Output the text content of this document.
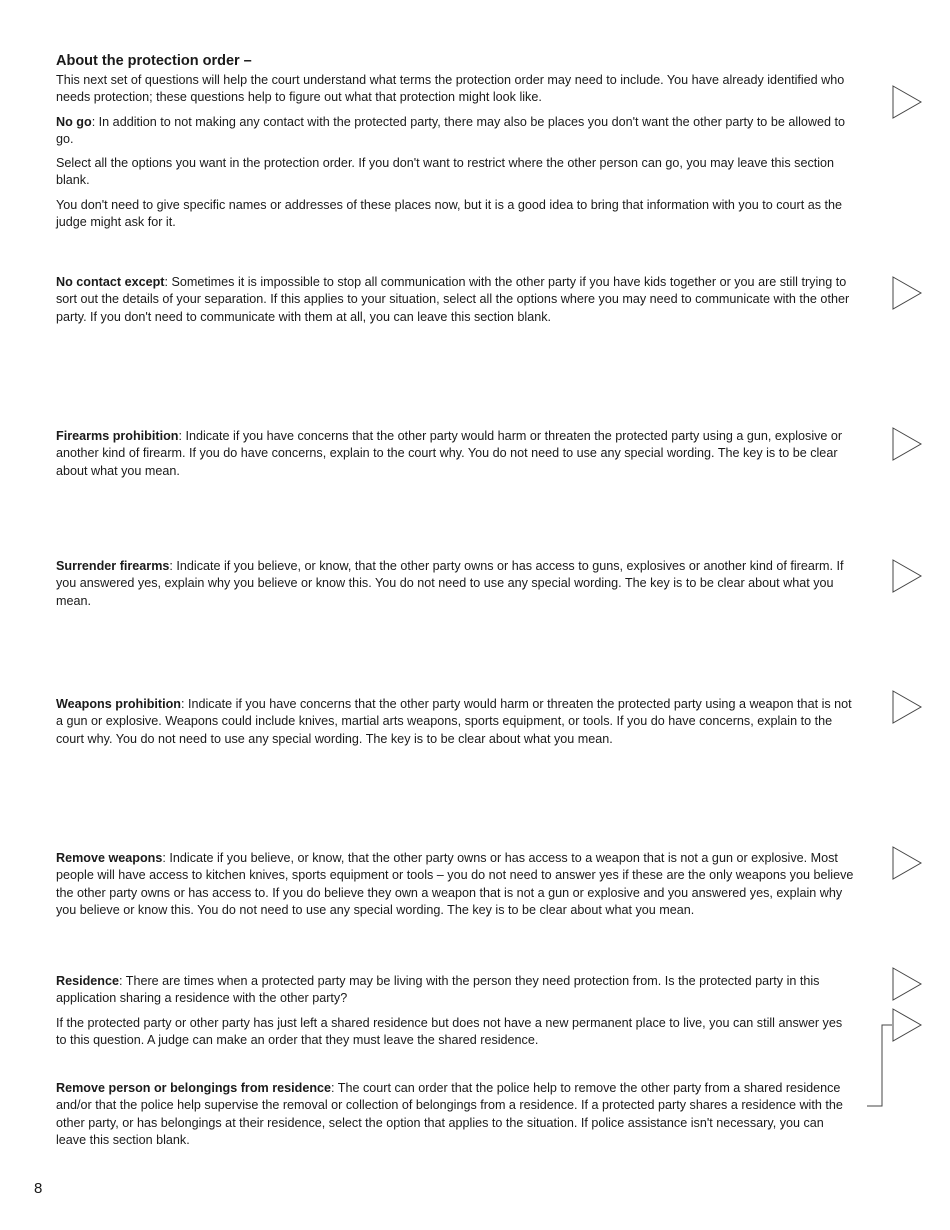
About the protection order –

This next set of questions will help the court understand what terms the protection order may need to include. You have already identified who needs protection; these questions help to figure out what that protection might look like.

No go: In addition to not making any contact with the protected party, there may also be places you don't want the other party to be allowed to go.

Select all the options you want in the protection order. If you don't want to restrict where the other person can go, you may leave this section blank.

You don't need to give specific names or addresses of these places now, but it is a good idea to bring that information with you to court as the judge might ask for it.

No contact except: Sometimes it is impossible to stop all communication with the other party if you have kids together or you are still trying to sort out the details of your separation. If this applies to your situation, select all the options where you may need to communicate with the other party. If you don't need to communicate with them at all, you can leave this section blank.

Firearms prohibition: Indicate if you have concerns that the other party would harm or threaten the protected party using a gun, explosive or another kind of firearm. If you do have concerns, explain to the court why. You do not need to use any special wording. The key is to be clear about what you mean.

Surrender firearms: Indicate if you believe, or know, that the other party owns or has access to guns, explosives or another kind of firearm. If you answered yes, explain why you believe or know this. You do not need to use any special wording. The key is to be clear about what you mean.

Weapons prohibition: Indicate if you have concerns that the other party would harm or threaten the protected party using a weapon that is not a gun or explosive. Weapons could include knives, martial arts weapons, sports equipment, or tools. If you do have concerns, explain to the court why. You do not need to use any special wording. The key is to be clear about what you mean.

Remove weapons: Indicate if you believe, or know, that the other party owns or has access to a weapon that is not a gun or explosive. Most people will have access to kitchen knives, sports equipment or tools – you do not need to answer yes if these are the only weapons you believe the other party owns or has access to. If you do believe they own a weapon that is not a gun or explosive and you answered yes, explain why you believe or know this. You do not need to use any special wording. The key is to be clear about what you mean.

Residence: There are times when a protected party may be living with the person they need protection from. Is the protected party in this application sharing a residence with the other party?

If the protected party or other party has just left a shared residence but does not have a new permanent place to live, you can still answer yes to this question. A judge can make an order that they must leave the shared residence.

Remove person or belongings from residence: The court can order that the police help to remove the other party from a shared residence and/or that the police help supervise the removal or collection of belongings from a residence. If a protected party shares a residence with the other party, or has belongings at their residence, select the option that applies to the situation. If police assistance isn't necessary, you can leave this section blank.

8
